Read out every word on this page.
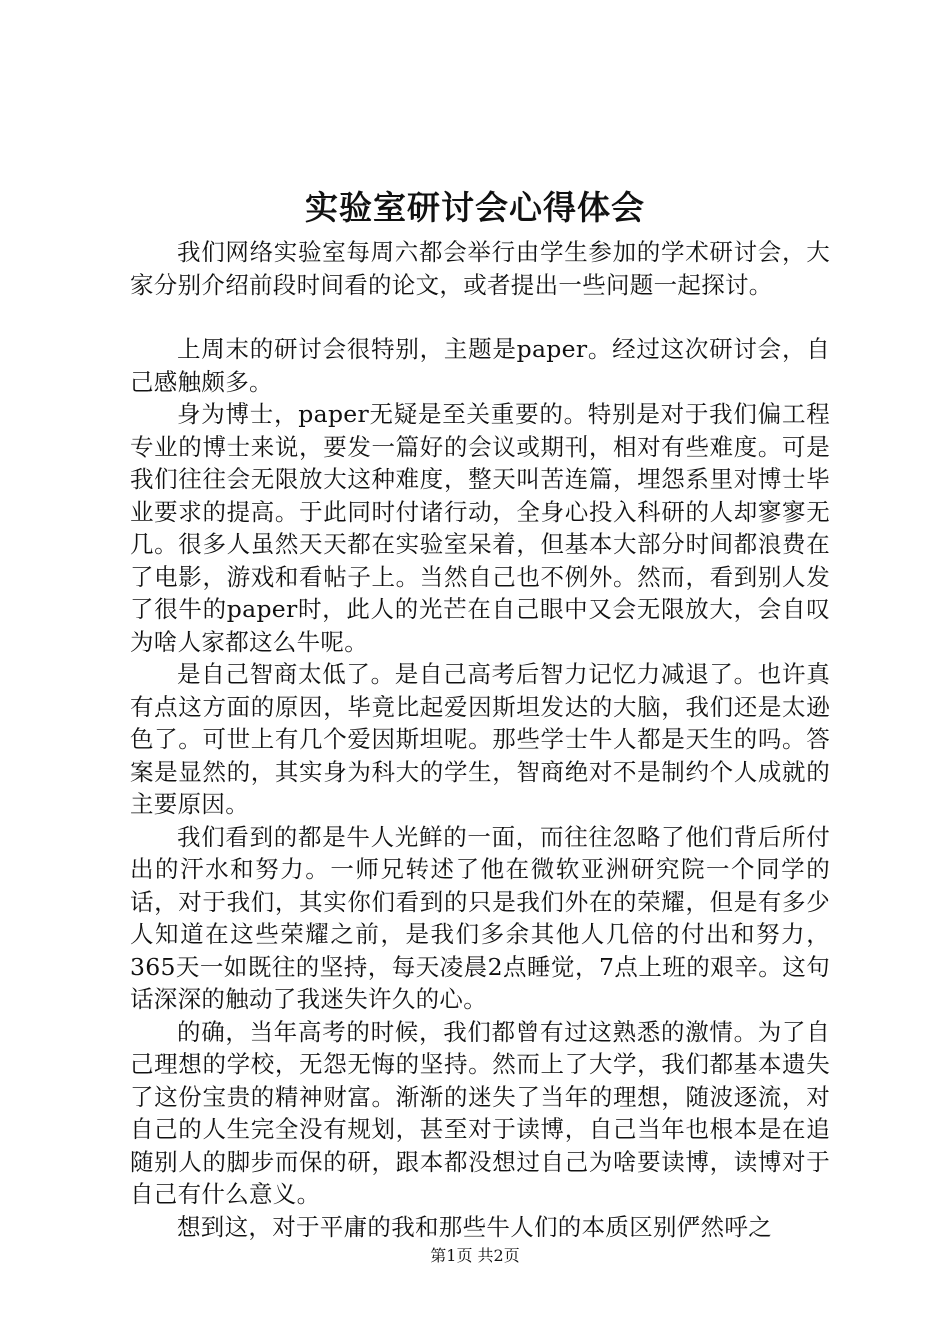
实验室研讨会心得体会

我们网络实验室每周六都会举行由学生参加的学术研讨会，大家分别介绍前段时间看的论文，或者提出一些问题一起探讨。

上周末的研讨会很特别，主题是paper。经过这次研讨会，自己感触颇多。

身为博士，paper无疑是至关重要的。特别是对于我们偏工程专业的博士来说，要发一篇好的会议或期刊，相对有些难度。可是我们往往会无限放大这种难度，整天叫苦连篇，埋怨系里对博士毕业要求的提高。于此同时付诸行动，全身心投入科研的人却寥寥无几。很多人虽然天天都在实验室呆着，但基本大部分时间都浪费在了电影，游戏和看帖子上。当然自己也不例外。然而，看到别人发了很牛的paper时，此人的光芒在自己眼中又会无限放大，会自叹为啥人家都这么牛呢。

是自己智商太低了。是自己高考后智力记忆力减退了。也许真有点这方面的原因，毕竟比起爱因斯坦发达的大脑，我们还是太逊色了。可世上有几个爱因斯坦呢。那些学士牛人都是天生的吗。答案是显然的，其实身为科大的学生，智商绝对不是制约个人成就的主要原因。

我们看到的都是牛人光鲜的一面，而往往忽略了他们背后所付出的汗水和努力。一师兄转述了他在微软亚洲研究院一个同学的话，对于我们，其实你们看到的只是我们外在的荣耀，但是有多少人知道在这些荣耀之前，是我们多余其他人几倍的付出和努力，365天一如既往的坚持，每天凌晨2点睡觉，7点上班的艰辛。这句话深深的触动了我迷失许久的心。

的确，当年高考的时候，我们都曾有过这熟悉的激情。为了自己理想的学校，无怨无悔的坚持。然而上了大学，我们都基本遗失了这份宝贵的精神财富。渐渐的迷失了当年的理想，随波逐流，对自己的人生完全没有规划，甚至对于读博，自己当年也根本是在追随别人的脚步而保的研，跟本都没想过自己为啥要读博，读博对于自己有什么意义。

想到这，对于平庸的我和那些牛人们的本质区别俨然呼之

第1页 共2页
